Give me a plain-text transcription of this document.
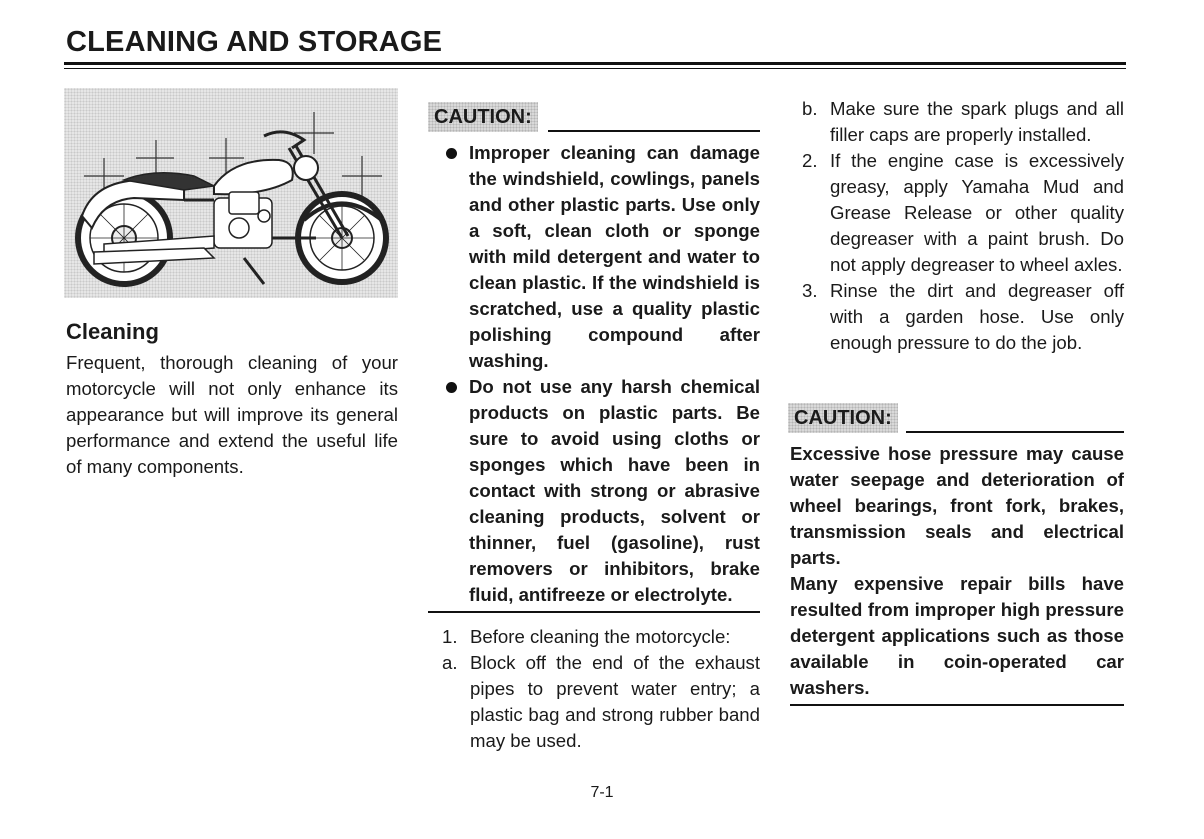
CLEANING AND STORAGE
Cleaning

Frequent, thorough cleaning of your motorcycle will not only enhance its appearance but will improve its general performance and extend the useful life of many components.

CAUTION:
Improper cleaning can damage the windshield, cowlings, panels and other plastic parts. Use only a soft, clean cloth or sponge with mild detergent and water to clean plastic. If the windshield is scratched, use a quality plastic polishing compound after washing.
Do not use any harsh chemical products on plastic parts. Be sure to avoid using cloths or sponges which have been in contact with strong or abrasive cleaning products, solvent or thinner, fuel (gasoline), rust removers or inhibitors, brake fluid, antifreeze or electrolyte.
1. Before cleaning the motorcycle:
a. Block off the end of the exhaust pipes to prevent water entry; a plastic bag and strong rubber band may be used.
b. Make sure the spark plugs and all filler caps are properly installed.
2. If the engine case is excessively greasy, apply Yamaha Mud and Grease Release or other quality degreaser with a paint brush. Do not apply degreaser to wheel axles.
3. Rinse the dirt and degreaser off with a garden hose. Use only enough pressure to do the job.
CAUTION:

Excessive hose pressure may cause water seepage and deterioration of wheel bearings, front fork, brakes, transmission seals and electrical parts.

Many expensive repair bills have resulted from improper high pressure detergent applications such as those available in coin-operated car washers.

7-1
